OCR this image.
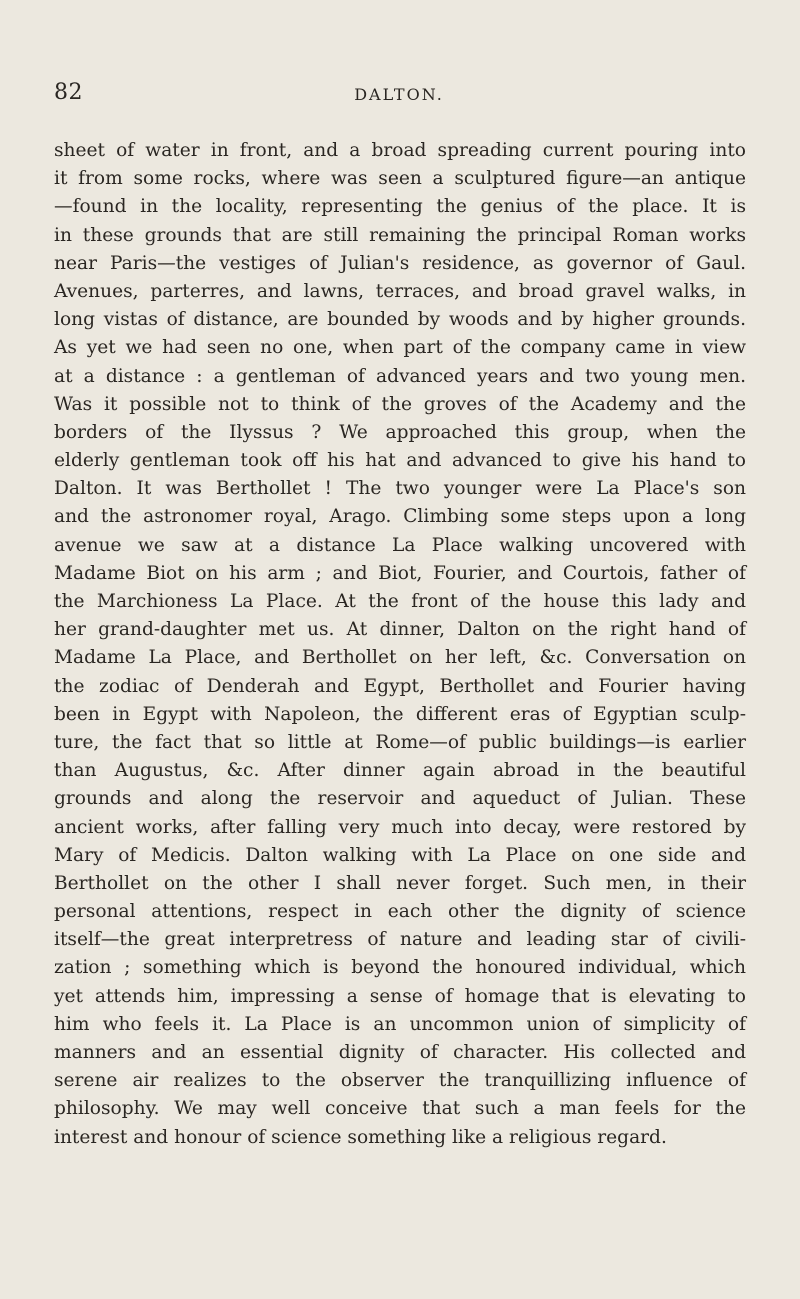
82	DALTON.
sheet of water in front, and a broad spreading current pouring into
it from some rocks, where was seen a sculptured figure—an antique
—found in the locality, representing the genius of the place. It is
in these grounds that are still remaining the principal Roman works
near Paris—the vestiges of Julian's residence, as governor of Gaul.
Avenues, parterres, and lawns, terraces, and broad gravel walks, in
long vistas of distance, are bounded by woods and by higher grounds.
As yet we had seen no one, when part of the company came in view
at a distance : a gentleman of advanced years and two young men.
Was it possible not to think of the groves of the Academy and the
borders of the Ilyssus ? We approached this group, when the
elderly gentleman took off his hat and advanced to give his hand to
Dalton. It was Berthollet ! The two younger were La Place's son
and the astronomer royal, Arago. Climbing some steps upon a long
avenue we saw at a distance La Place walking uncovered with
Madame Biot on his arm ; and Biot, Fourier, and Courtois, father of
the Marchioness La Place. At the front of the house this lady and
her grand-daughter met us. At dinner, Dalton on the right hand of
Madame La Place, and Berthollet on her left, &c. Conversation on
the zodiac of Denderah and Egypt, Berthollet and Fourier having
been in Egypt with Napoleon, the different eras of Egyptian sculp-
ture, the fact that so little at Rome—of public buildings—is earlier
than Augustus, &c. After dinner again abroad in the beautiful
grounds and along the reservoir and aqueduct of Julian. These
ancient works, after falling very much into decay, were restored by
Mary of Medicis. Dalton walking with La Place on one side and
Berthollet on the other I shall never forget. Such men, in their
personal attentions, respect in each other the dignity of science
itself—the great interpretress of nature and leading star of civili-
zation ; something which is beyond the honoured individual, which
yet attends him, impressing a sense of homage that is elevating to
him who feels it. La Place is an uncommon union of simplicity of
manners and an essential dignity of character. His collected and
serene air realizes to the observer the tranquillizing influence of
philosophy. We may well conceive that such a man feels for the
interest and honour of science something like a religious regard.
